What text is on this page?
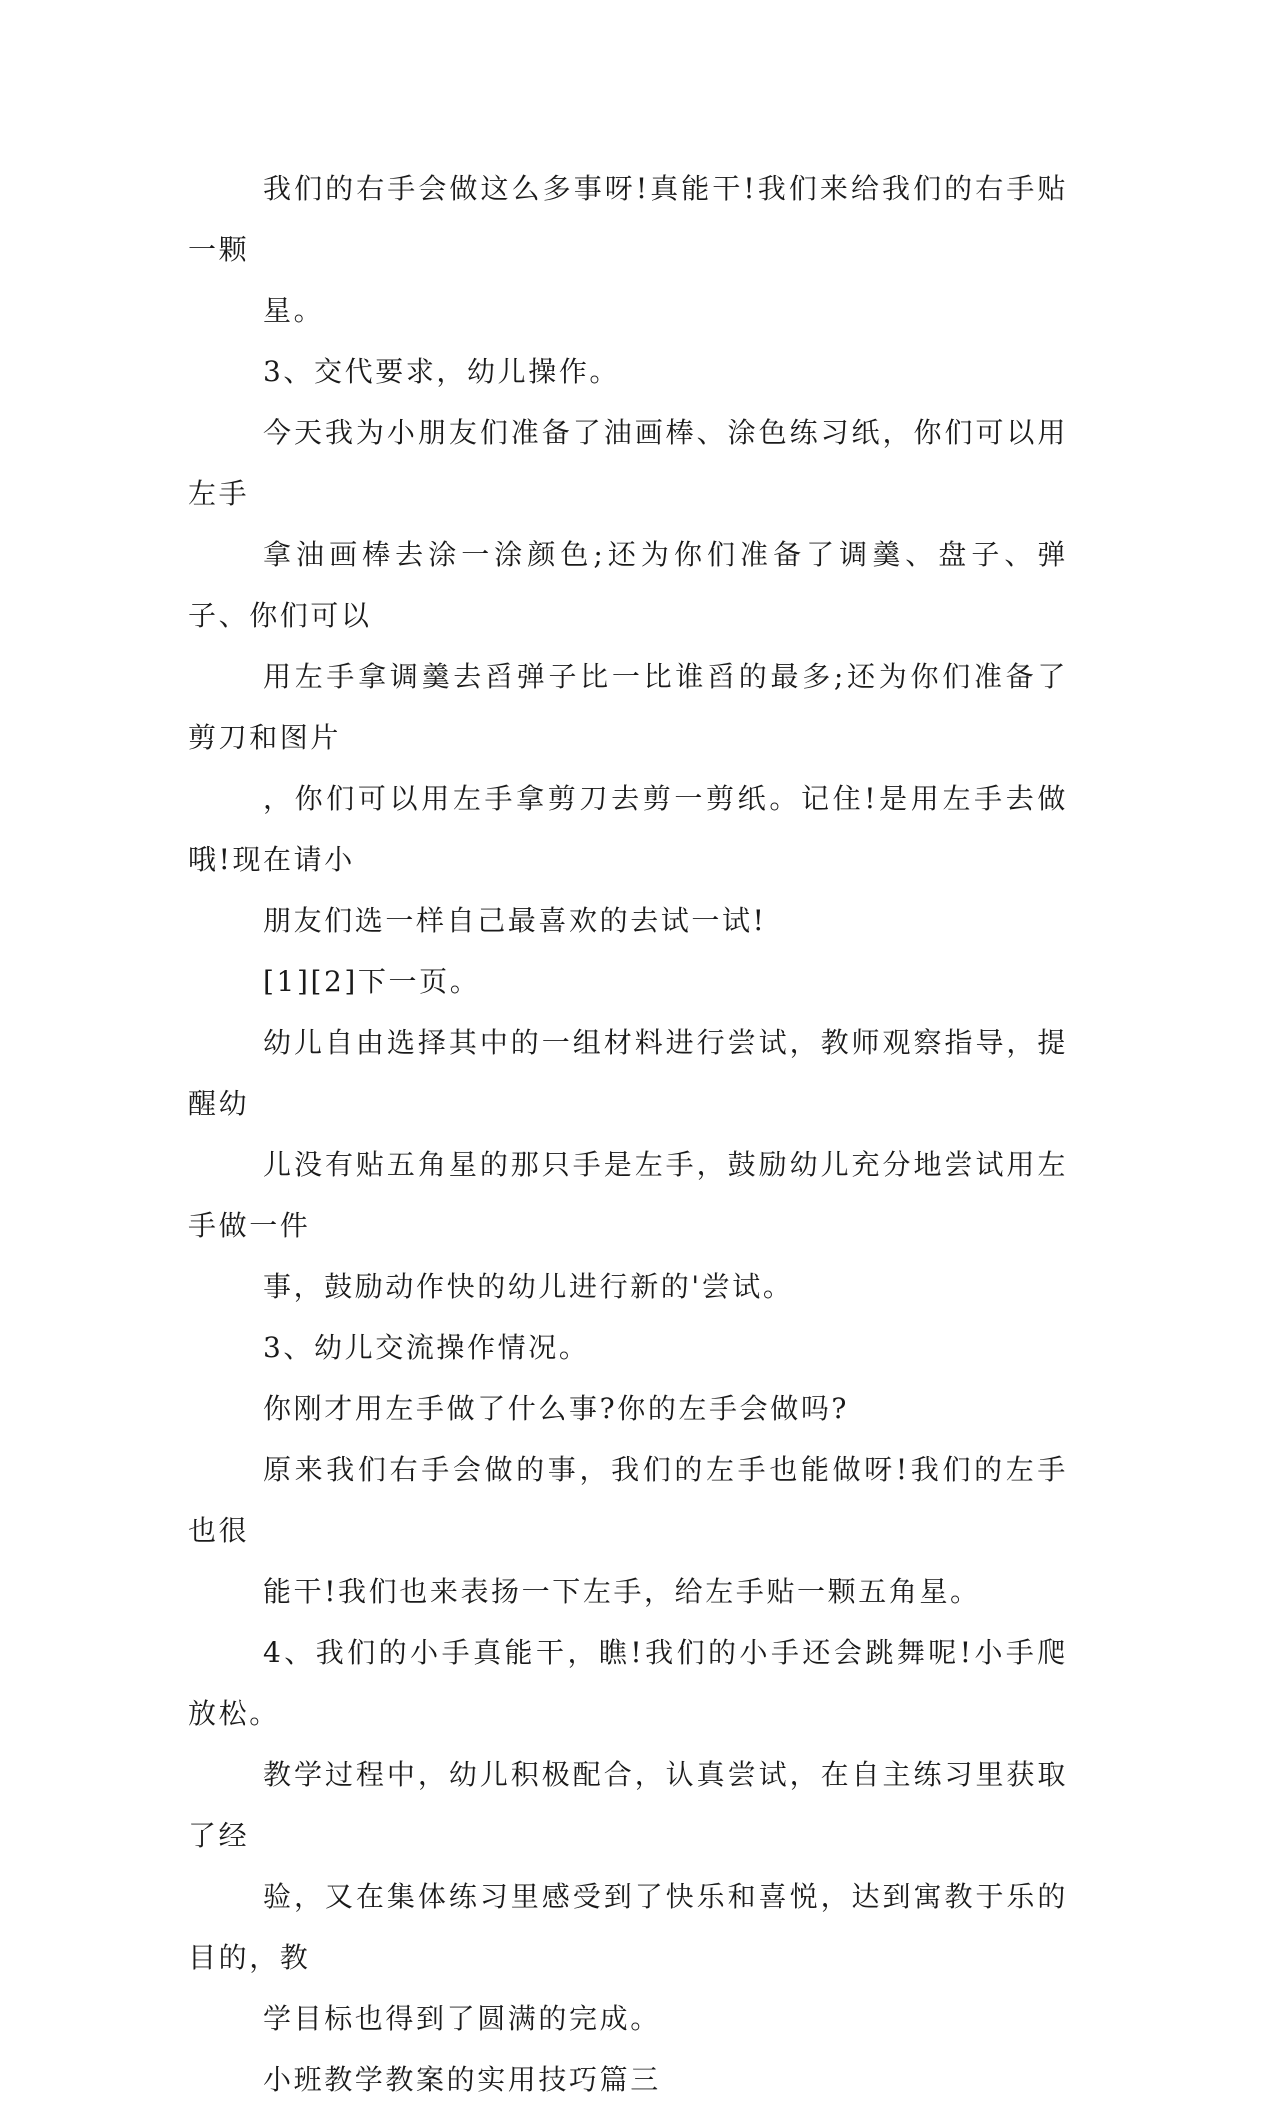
我们的右手会做这么多事呀!真能干!我们来给我们的右手贴一颗
星。

3、交代要求，幼儿操作。

今天我为小朋友们准备了油画棒、涂色练习纸，你们可以用左手
拿油画棒去涂一涂颜色;还为你们准备了调羹、盘子、弹子、你们可以
用左手拿调羹去舀弹子比一比谁舀的最多;还为你们准备了剪刀和图片
，你们可以用左手拿剪刀去剪一剪纸。记住!是用左手去做哦!现在请小
朋友们选一样自己最喜欢的去试一试!

[1][2]下一页。

幼儿自由选择其中的一组材料进行尝试，教师观察指导，提醒幼
儿没有贴五角星的那只手是左手，鼓励幼儿充分地尝试用左手做一件
事，鼓励动作快的幼儿进行新的'尝试。

3、幼儿交流操作情况。

你刚才用左手做了什么事?你的左手会做吗?

原来我们右手会做的事，我们的左手也能做呀!我们的左手也很
能干!我们也来表扬一下左手，给左手贴一颗五角星。

4、我们的小手真能干，瞧!我们的小手还会跳舞呢!小手爬放松。

教学过程中，幼儿积极配合，认真尝试，在自主练习里获取了经
验，又在集体练习里感受到了快乐和喜悦，达到寓教于乐的目的，教
学目标也得到了圆满的完成。

小班教学教案的实用技巧篇三
